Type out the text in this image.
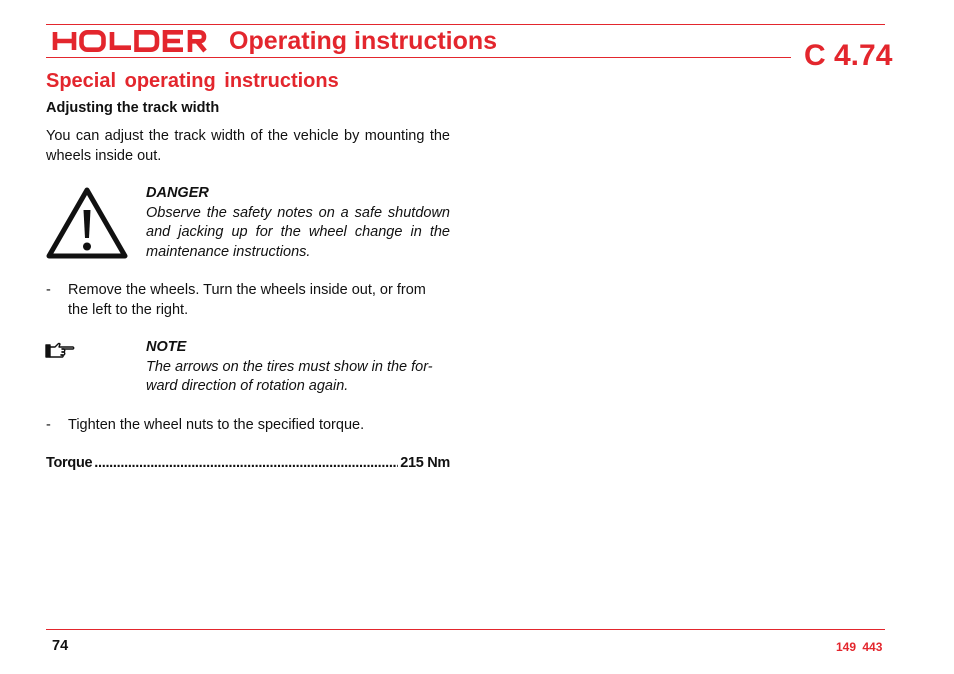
Operating instructions	C 4.74
Special operating instructions
Adjusting the track width
You can adjust the track width of the vehicle by mounting the wheels inside out.
DANGER
Observe the safety notes on a safe shutdown and jacking up for the wheel change in the maintenance instructions.
- Remove the wheels. Turn the wheels inside out, or from the left to the right.
NOTE
The arrows on the tires must show in the for-
ward direction of rotation again.
- Tighten the wheel nuts to the specified torque.
Torque
.....	215 Nm
74	149 443
